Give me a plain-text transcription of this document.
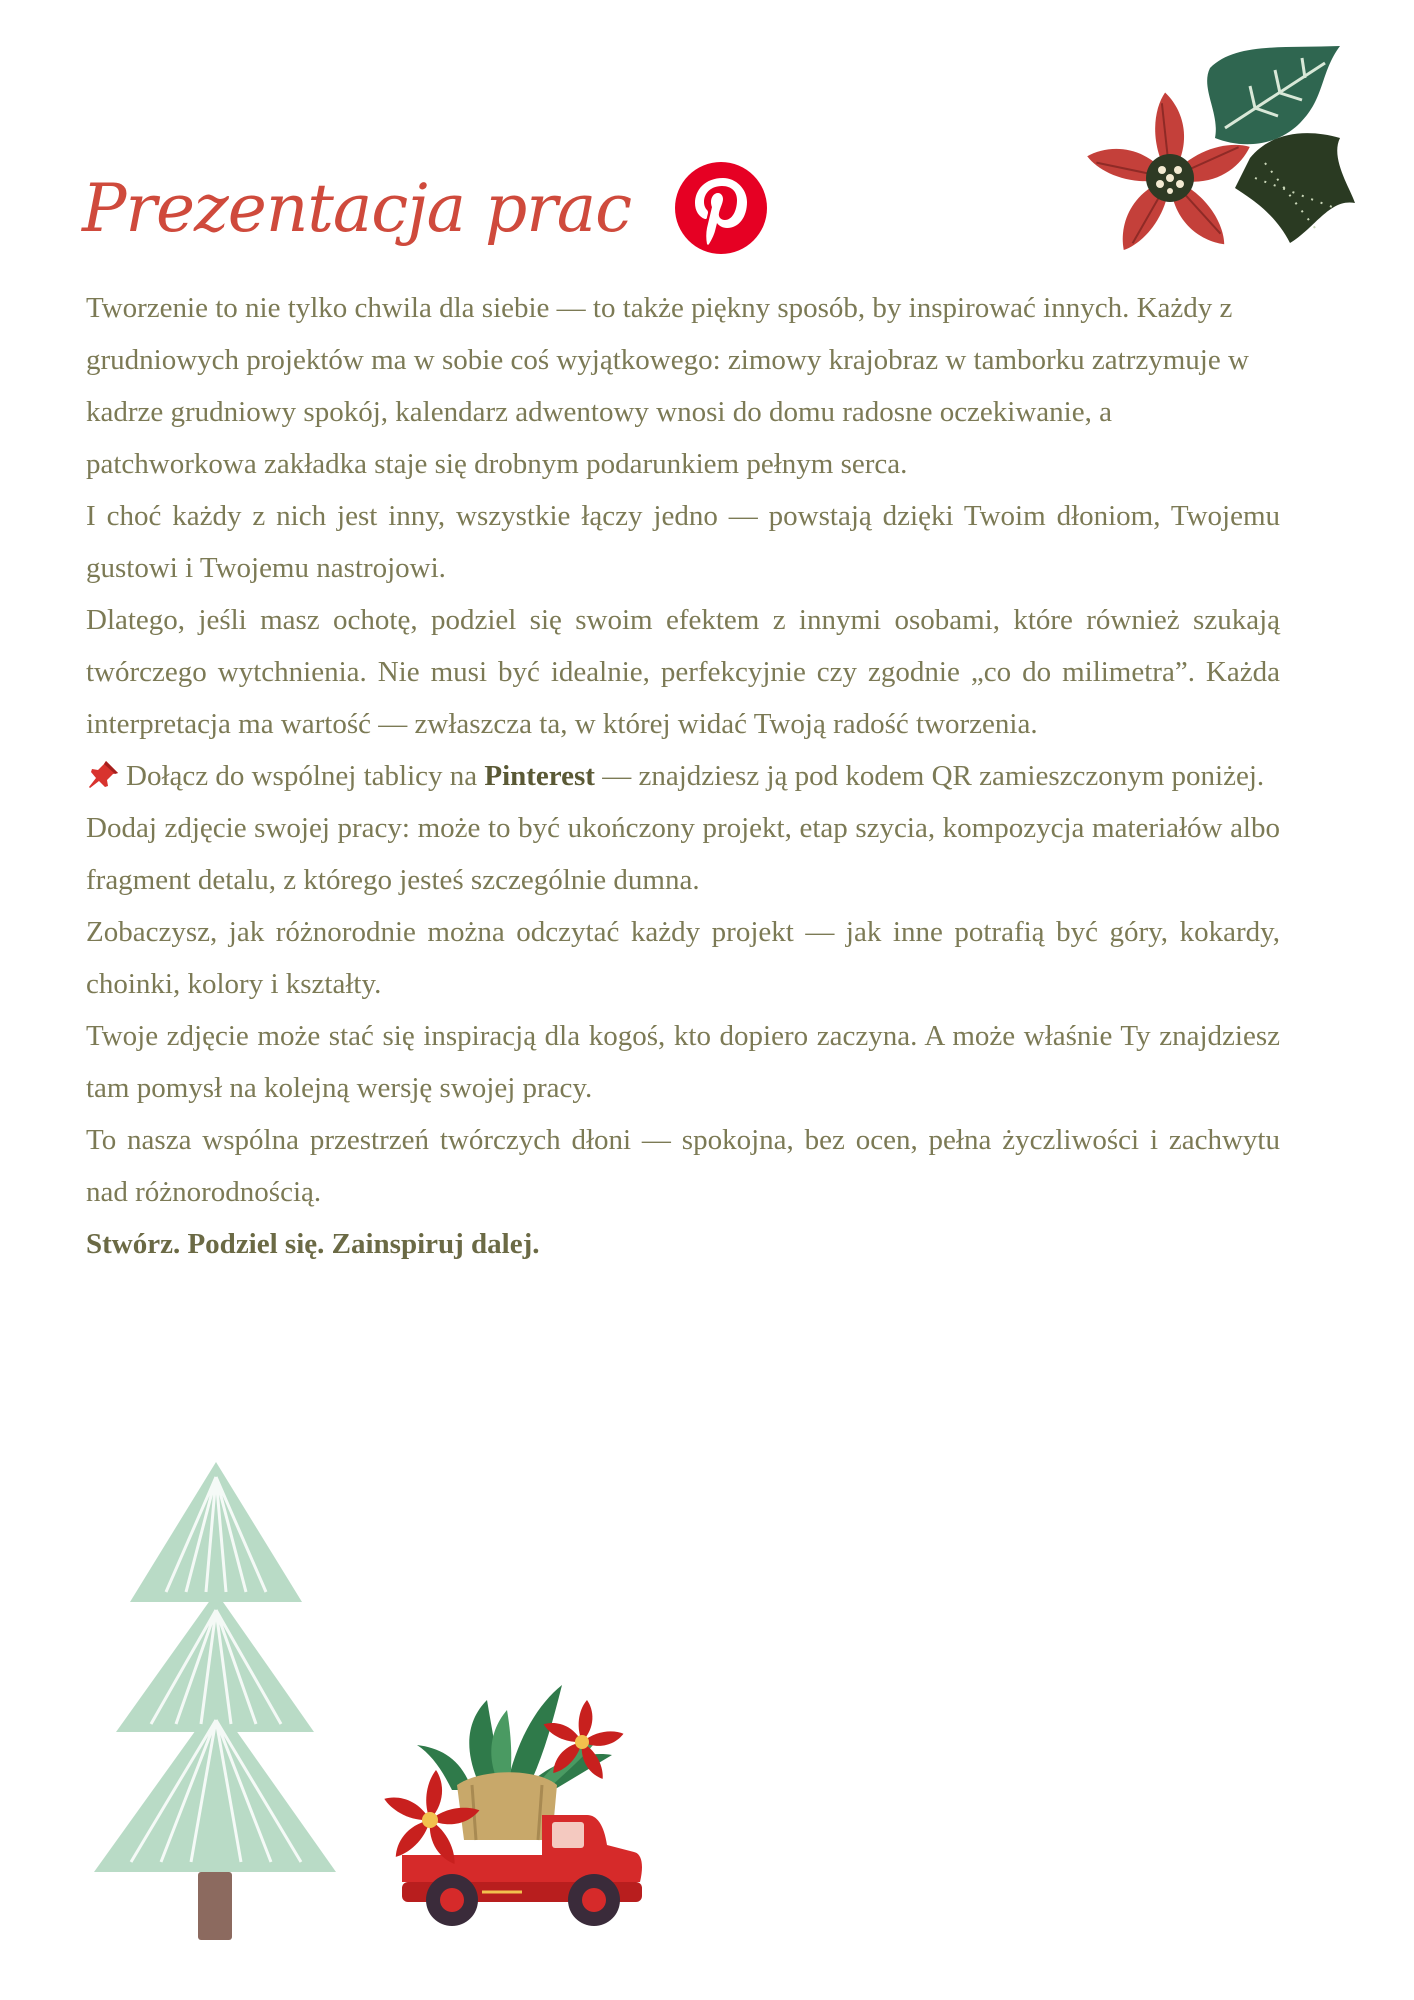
Prezentacja prac

Tworzenie to nie tylko chwila dla siebie — to także piękny sposób, by inspirować innych. Każdy z grudniowych projektów ma w sobie coś wyjątkowego: zimowy krajobraz w tamborku zatrzymuje w kadrze grudniowy spokój, kalendarz adwentowy wnosi do domu radosne oczekiwanie, a patchworkowa zakładka staje się drobnym podarunkiem pełnym serca.

I choć każdy z nich jest inny, wszystkie łączy jedno — powstają dzięki Twoim dłoniom, Twojemu gustowi i Twojemu nastrojowi.

Dlatego, jeśli masz ochotę, podziel się swoim efektem z innymi osobami, które również szukają twórczego wytchnienia. Nie musi być idealnie, perfekcyjnie czy zgodnie „co do milimetra”. Każda interpretacja ma wartość — zwłaszcza ta, w której widać Twoją radość tworzenia.

Dołącz do wspólnej tablicy na Pinterest — znajdziesz ją pod kodem QR zamieszczonym poniżej.

Dodaj zdjęcie swojej pracy: może to być ukończony projekt, etap szycia, kompozycja materiałów albo fragment detalu, z którego jesteś szczególnie dumna.

Zobaczysz, jak różnorodnie można odczytać każdy projekt — jak inne potrafią być góry, kokardy, choinki, kolory i kształty.

Twoje zdjęcie może stać się inspiracją dla kogoś, kto dopiero zaczyna. A może właśnie Ty znajdziesz tam pomysł na kolejną wersję swojej pracy.

To nasza wspólna przestrzeń twórczych dłoni — spokojna, bez ocen, pełna życzliwości i zachwytu nad różnorodnością.

Stwórz. Podziel się. Zainspiruj dalej.
